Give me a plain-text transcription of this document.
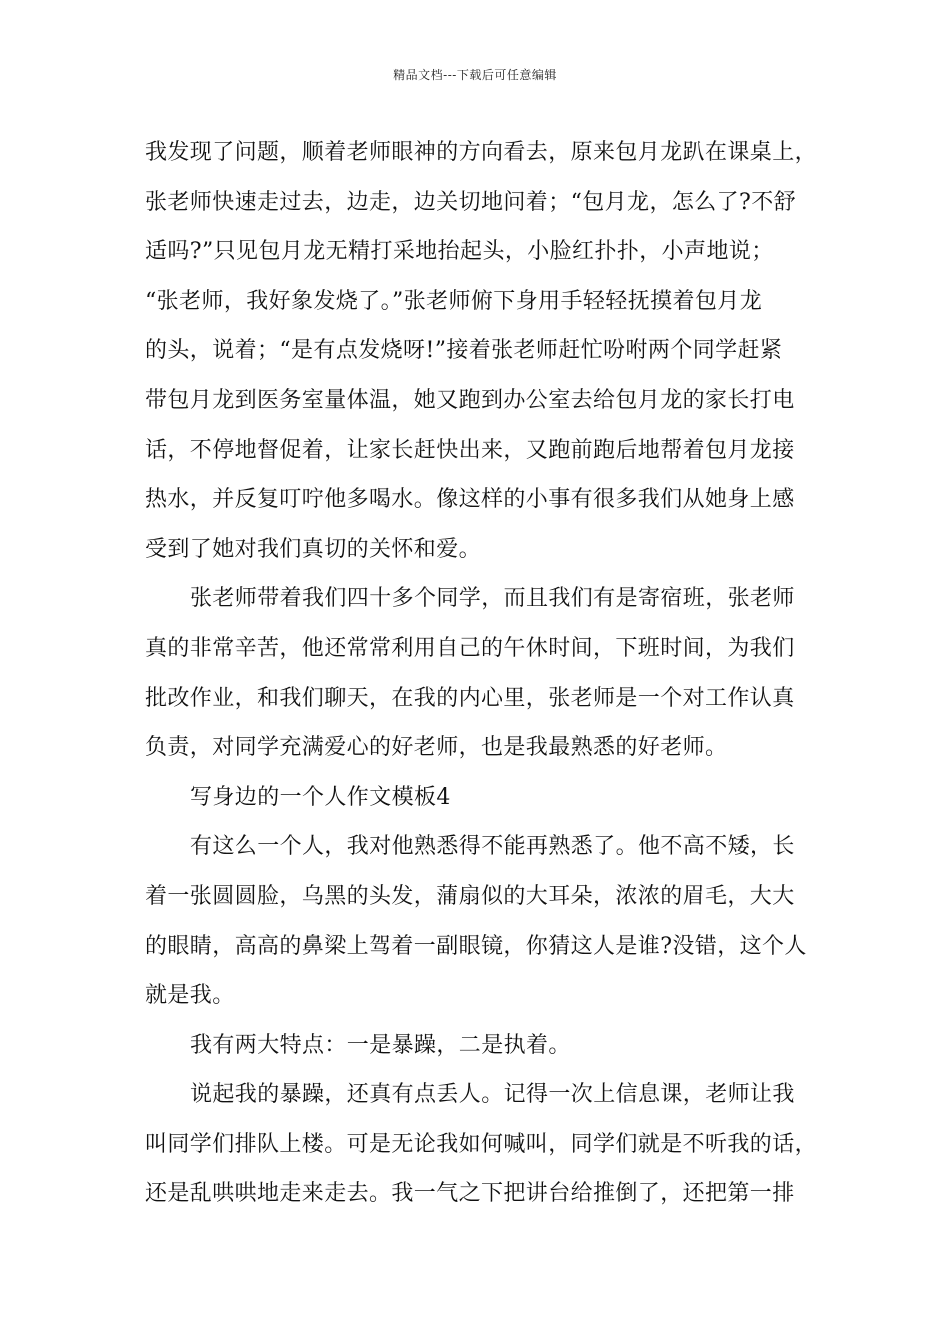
精品文档---下载后可任意编辑
我发现了问题，顺着老师眼神的方向看去，原来包月龙趴在课桌上，
张老师快速走过去，边走，边关切地问着；“包月龙，怎么了?不舒
适吗?”只见包月龙无精打采地抬起头，小脸红扑扑，小声地说；
“张老师，我好象发烧了。”张老师俯下身用手轻轻抚摸着包月龙
的头，说着；“是有点发烧呀!”接着张老师赶忙吩咐两个同学赶紧
带包月龙到医务室量体温，她又跑到办公室去给包月龙的家长打电
话，不停地督促着，让家长赶快出来，又跑前跑后地帮着包月龙接
热水，并反复叮咛他多喝水。像这样的小事有很多我们从她身上感
受到了她对我们真切的关怀和爱。
张老师带着我们四十多个同学，而且我们有是寄宿班，张老师
真的非常辛苦，他还常常利用自己的午休时间，下班时间，为我们
批改作业，和我们聊天，在我的内心里，张老师是一个对工作认真
负责，对同学充满爱心的好老师，也是我最熟悉的好老师。
写身边的一个人作文模板4
有这么一个人，我对他熟悉得不能再熟悉了。他不高不矮，长
着一张圆圆脸，乌黑的头发，蒲扇似的大耳朵，浓浓的眉毛，大大
的眼睛，高高的鼻梁上驾着一副眼镜，你猜这人是谁?没错，这个人
就是我。
我有两大特点：一是暴躁，二是执着。
说起我的暴躁，还真有点丢人。记得一次上信息课，老师让我
叫同学们排队上楼。可是无论我如何喊叫，同学们就是不听我的话，
还是乱哄哄地走来走去。我一气之下把讲台给推倒了，还把第一排
